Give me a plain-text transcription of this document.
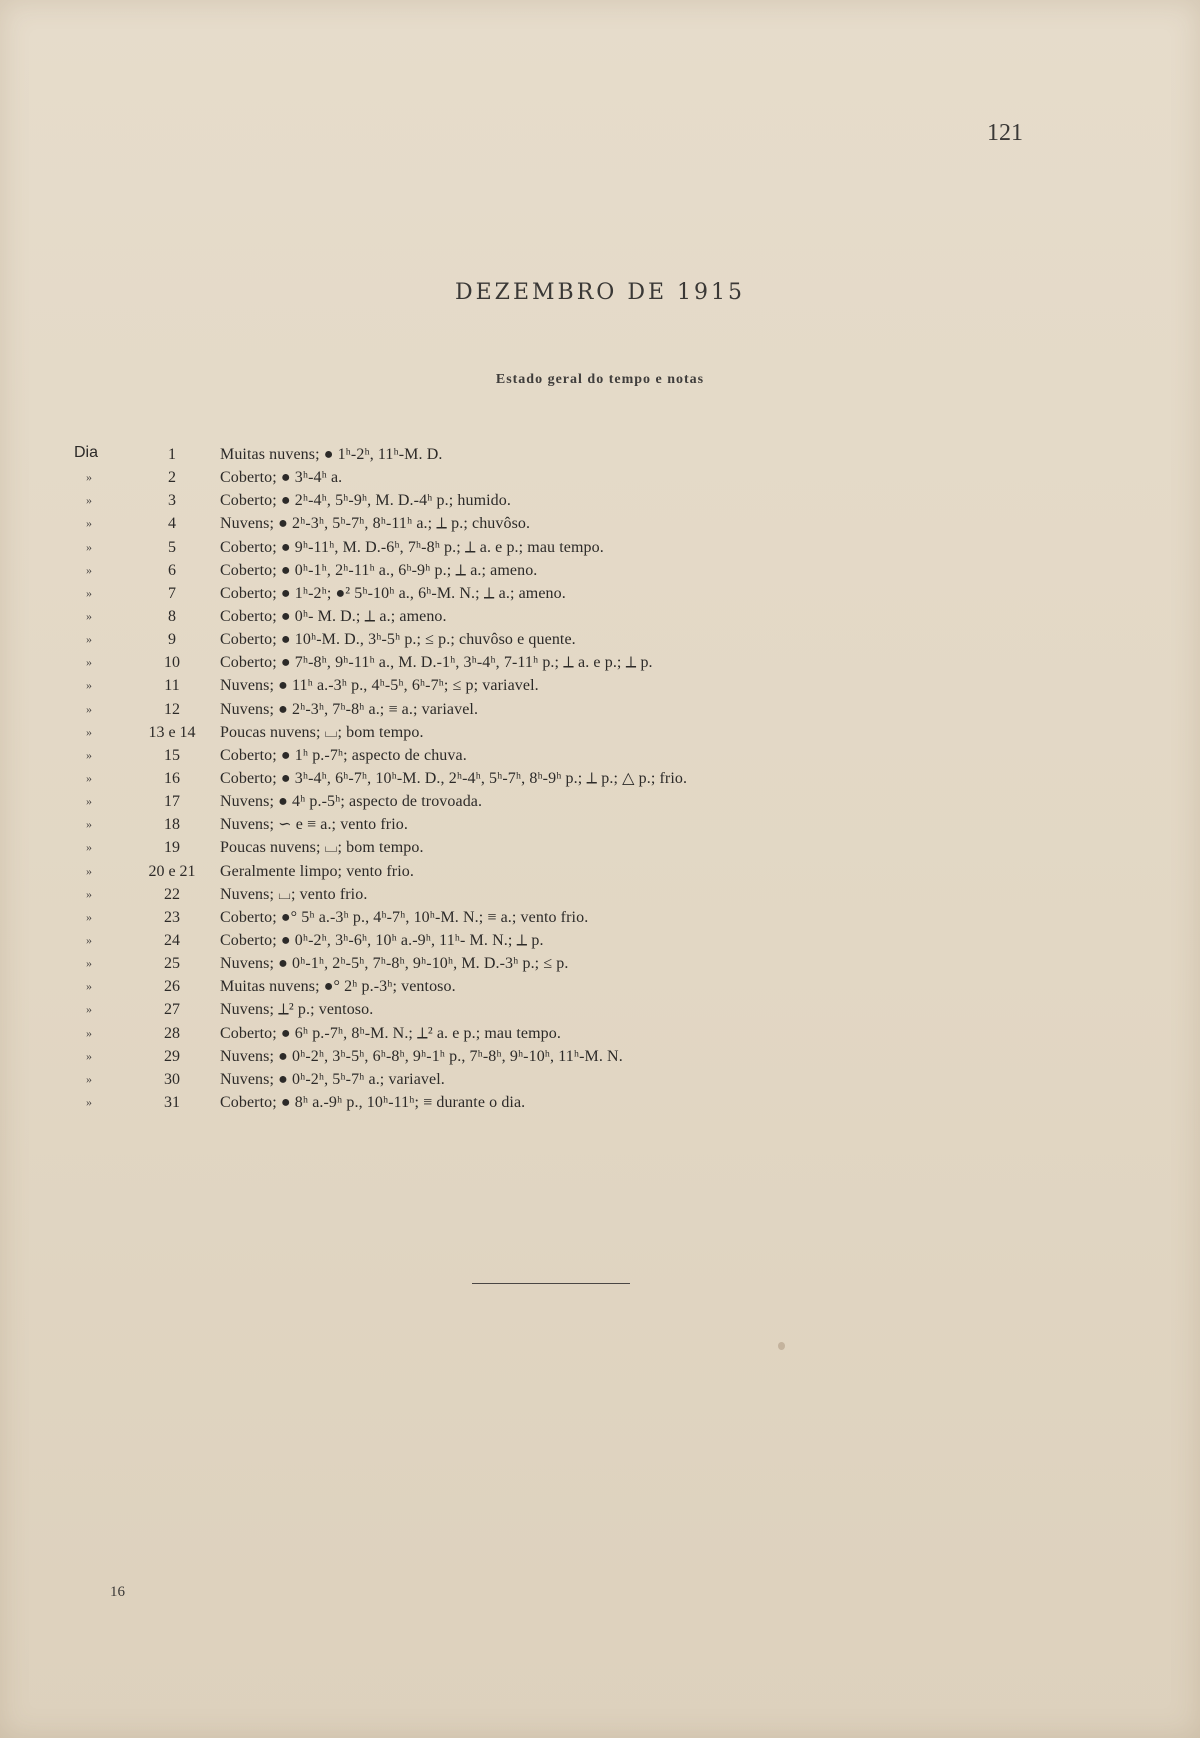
121
DEZEMBRO DE 1915
Estado geral do tempo e notas
Dia	1	Muitas nuvens; ● 1ʰ-2ʰ, 11ʰ-M. D.
»	2	Coberto; ● 3ʰ-4ʰ a.
»	3	Coberto; ● 2ʰ-4ʰ, 5ʰ-9ʰ, M. D.-4ʰ p.; humido.
»	4	Nuvens; ● 2ʰ-3ʰ, 5ʰ-7ʰ, 8ʰ-11ʰ a.; ⟂ p.; chuvôso.
»	5	Coberto; ● 9ʰ-11ʰ, M. D.-6ʰ, 7ʰ-8ʰ p.; ⟂ a. e p.; mau tempo.
»	6	Coberto; ● 0ʰ-1ʰ, 2ʰ-11ʰ a., 6ʰ-9ʰ p.; ⟂ a.; ameno.
»	7	Coberto; ● 1ʰ-2ʰ; ●² 5ʰ-10ʰ a., 6ʰ-M. N.; ⟂ a.; ameno.
»	8	Coberto; ● 0ʰ- M. D.; ⟂ a.; ameno.
»	9	Coberto; ● 10ʰ-M. D., 3ʰ-5ʰ p.; ≤ p.; chuvôso e quente.
»	10	Coberto; ● 7ʰ-8ʰ, 9ʰ-11ʰ a., M. D.-1ʰ, 3ʰ-4ʰ, 7-11ʰ p.; ⟂ a. e p.; ⟂ p.
»	11	Nuvens; ● 11ʰ a.-3ʰ p., 4ʰ-5ʰ, 6ʰ-7ʰ; ≤ p; variavel.
»	12	Nuvens; ● 2ʰ-3ʰ, 7ʰ-8ʰ a.; ≡ a.; variavel.
»	13 e 14	Poucas nuvens; ⌴; bom tempo.
»	15	Coberto; ● 1ʰ p.-7ʰ; aspecto de chuva.
»	16	Coberto; ● 3ʰ-4ʰ, 6ʰ-7ʰ, 10ʰ-M. D., 2ʰ-4ʰ, 5ʰ-7ʰ, 8ʰ-9ʰ p.; ⟂ p.; △ p.; frio.
»	17	Nuvens; ● 4ʰ p.-5ʰ; aspecto de trovoada.
»	18	Nuvens; ∽ e ≡ a.; vento frio.
»	19	Poucas nuvens; ⌴; bom tempo.
»	20 e 21	Geralmente limpo; vento frio.
»	22	Nuvens; ⌴; vento frio.
»	23	Coberto; ●° 5ʰ a.-3ʰ p., 4ʰ-7ʰ, 10ʰ-M. N.; ≡ a.; vento frio.
»	24	Coberto; ● 0ʰ-2ʰ, 3ʰ-6ʰ, 10ʰ a.-9ʰ, 11ʰ- M. N.; ⟂ p.
»	25	Nuvens; ● 0ʰ-1ʰ, 2ʰ-5ʰ, 7ʰ-8ʰ, 9ʰ-10ʰ, M. D.-3ʰ p.; ≤ p.
»	26	Muitas nuvens; ●° 2ʰ p.-3ʰ; ventoso.
»	27	Nuvens; ⟂² p.; ventoso.
»	28	Coberto; ● 6ʰ p.-7ʰ, 8ʰ-M. N.; ⟂² a. e p.; mau tempo.
»	29	Nuvens; ● 0ʰ-2ʰ, 3ʰ-5ʰ, 6ʰ-8ʰ, 9ʰ-1ʰ p., 7ʰ-8ʰ, 9ʰ-10ʰ, 11ʰ-M. N.
»	30	Nuvens; ● 0ʰ-2ʰ, 5ʰ-7ʰ a.; variavel.
»	31	Coberto; ● 8ʰ a.-9ʰ p., 10ʰ-11ʰ; ≡ durante o dia.
16
